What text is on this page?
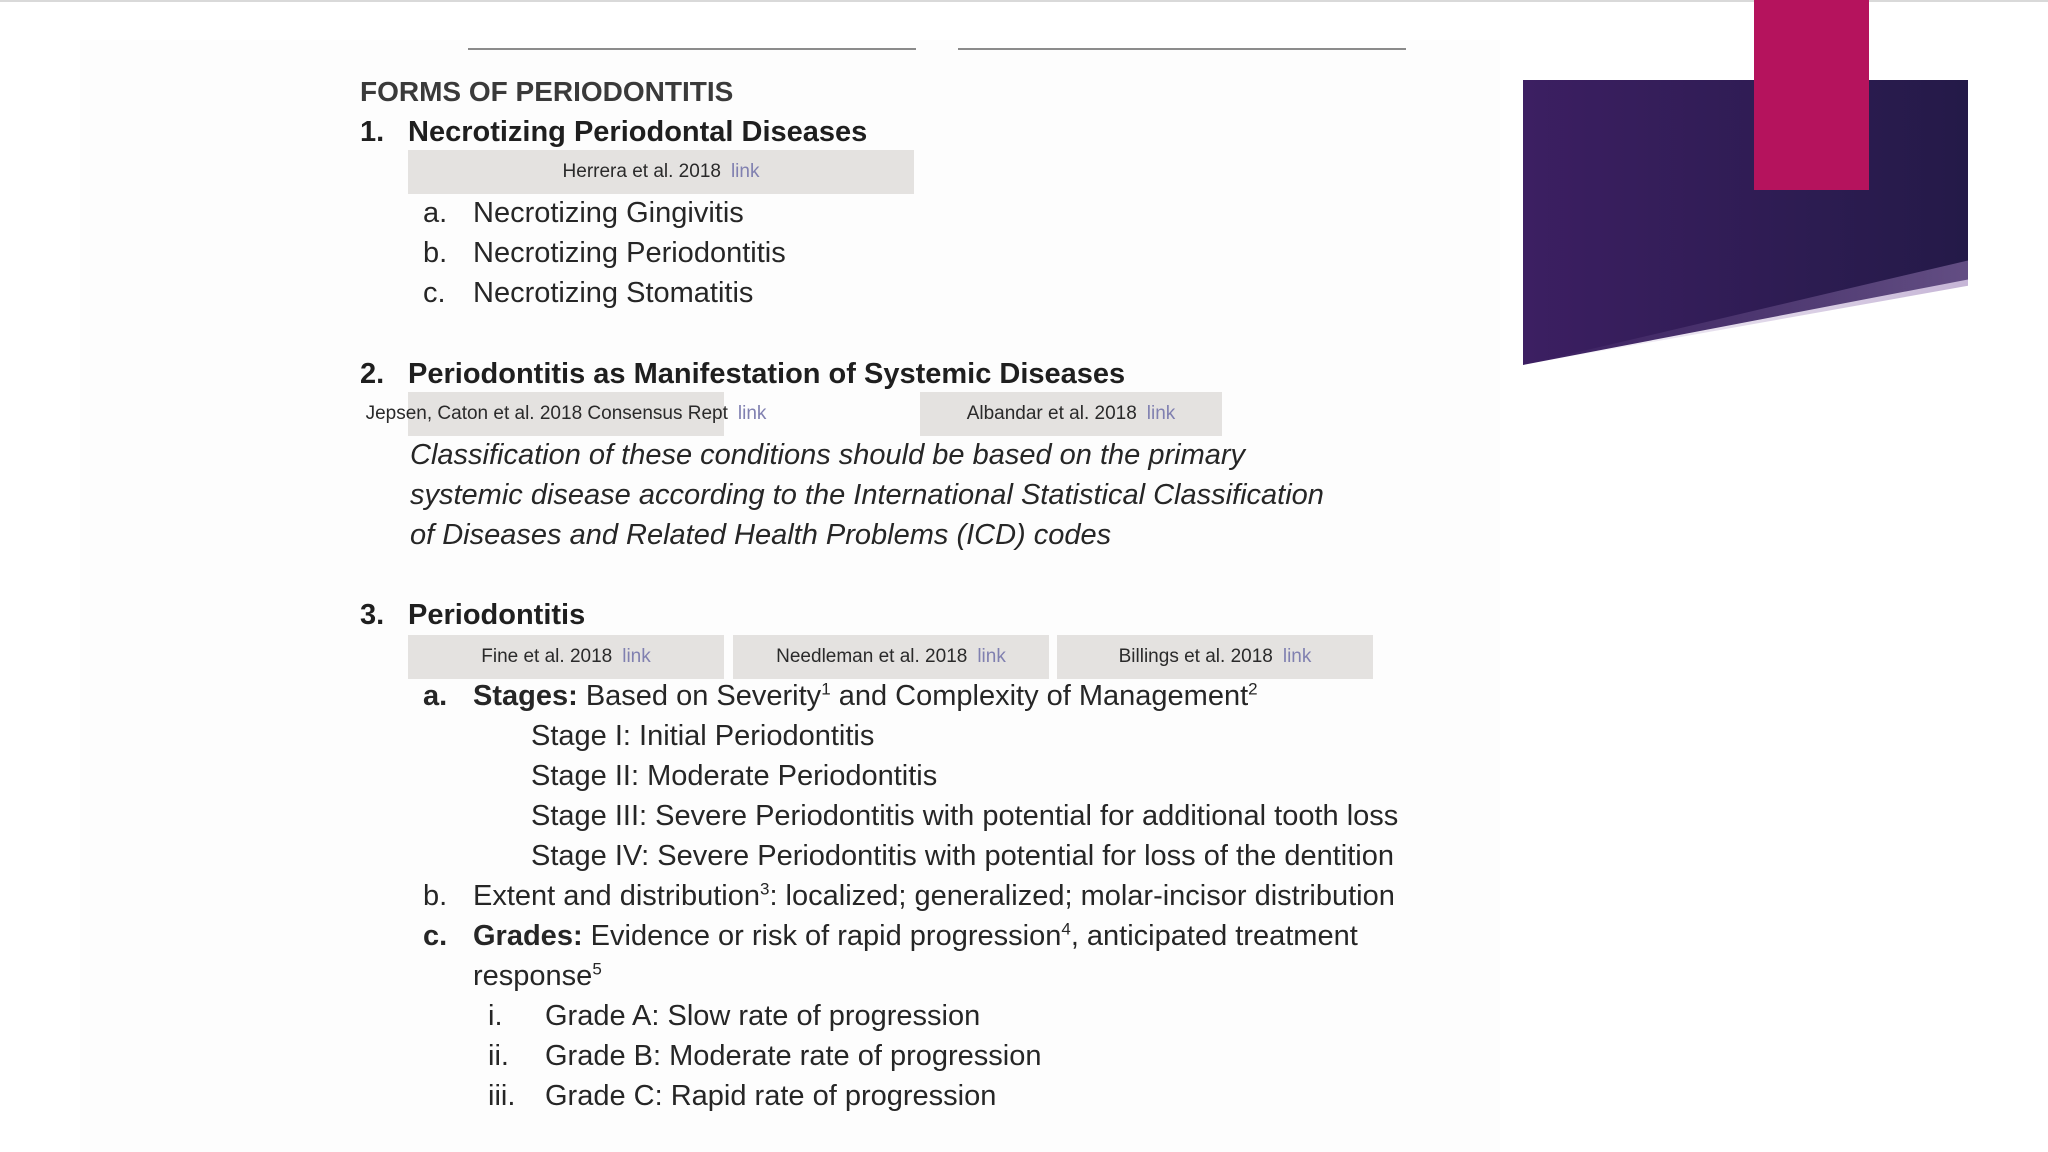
FORMS OF PERIODONTITIS
1. Necrotizing Periodontal Diseases
Herrera et al. 2018 link
a. Necrotizing Gingivitis
b. Necrotizing Periodontitis
c. Necrotizing Stomatitis
2. Periodontitis as Manifestation of Systemic Diseases
Jepsen, Caton et al. 2018 Consensus Rept link	Albandar et al. 2018 link
Classification of these conditions should be based on the primary
systemic disease according to the International Statistical Classification
of Diseases and Related Health Problems (ICD) codes
3. Periodontitis
Fine et al. 2018 link	Needleman et al. 2018 link	Billings et al. 2018 link
a. Stages: Based on Severity$^1$ and Complexity of Management$^2$
Stage I: Initial Periodontitis
Stage II: Moderate Periodontitis
Stage III: Severe Periodontitis with potential for additional tooth loss
Stage IV: Severe Periodontitis with potential for loss of the dentition
b. Extent and distribution$^3$: localized; generalized; molar-incisor distribution
c. Grades: Evidence or risk of rapid progression$^4$, anticipated treatment
response$^5$
i. Grade A: Slow rate of progression
ii. Grade B: Moderate rate of progression
iii. Grade C: Rapid rate of progression
